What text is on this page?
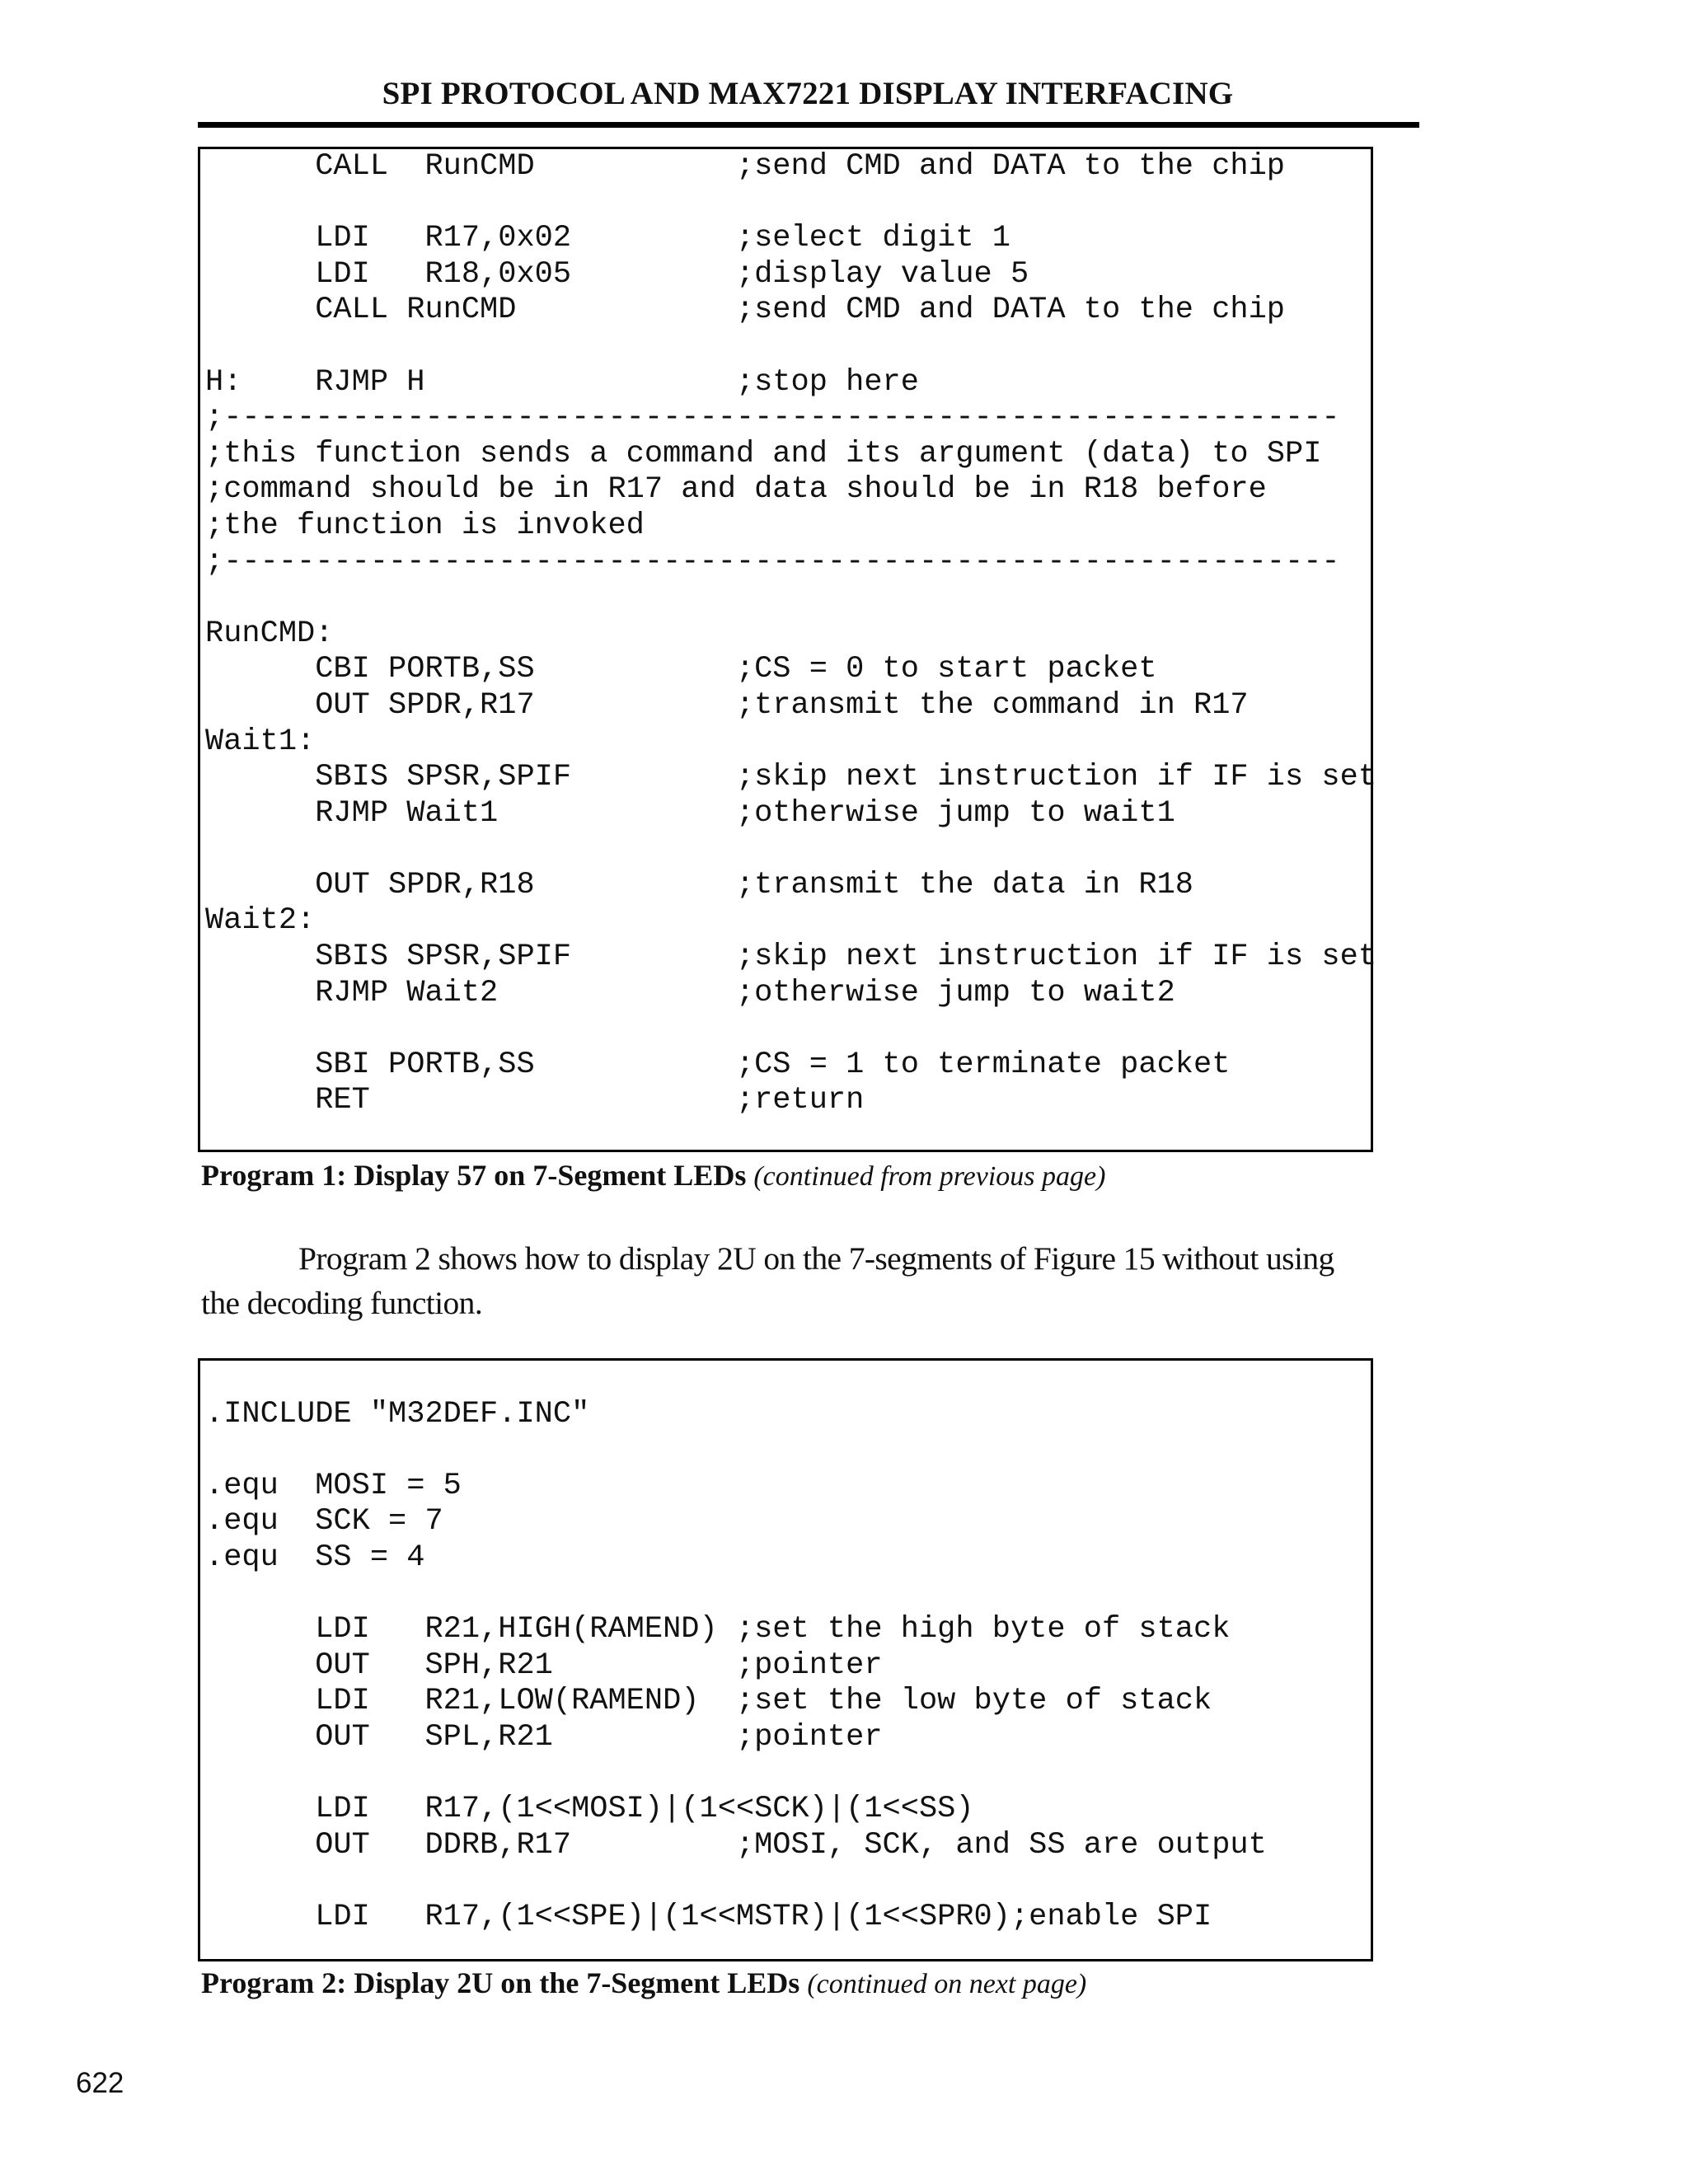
SPI PROTOCOL AND MAX7221 DISPLAY INTERFACING
CALL  RunCMD           ;send CMD and DATA to the chip

LDI   R17,0x02         ;select digit 1
LDI   R18,0x05         ;display value 5
CALL RunCMD            ;send CMD and DATA to the chip

H:    RJMP H                 ;stop here
;-------------------------------------------------------------
;this function sends a command and its argument (data) to SPI
;command should be in R17 and data should be in R18 before
;the function is invoked
;-------------------------------------------------------------

RunCMD:
CBI PORTB,SS           ;CS = 0 to start packet
OUT SPDR,R17           ;transmit the command in R17
Wait1:
SBIS SPSR,SPIF         ;skip next instruction if IF is set
RJMP Wait1             ;otherwise jump to wait1

OUT SPDR,R18           ;transmit the data in R18
Wait2:
SBIS SPSR,SPIF         ;skip next instruction if IF is set
RJMP Wait2             ;otherwise jump to wait2

SBI PORTB,SS           ;CS = 1 to terminate packet
RET                    ;return
Program 1: Display 57 on 7-Segment LEDs (continued from previous page)
Program 2 shows how to display 2U on the 7-segments of Figure 15 without using the decoding function.

.INCLUDE "M32DEF.INC"

.equ  MOSI = 5
.equ  SCK = 7
.equ  SS = 4

LDI   R21,HIGH(RAMEND) ;set the high byte of stack
OUT   SPH,R21          ;pointer
LDI   R21,LOW(RAMEND)  ;set the low byte of stack
OUT   SPL,R21          ;pointer

LDI   R17,(1<<MOSI)|(1<<SCK)|(1<<SS)
OUT   DDRB,R17         ;MOSI, SCK, and SS are output

LDI   R17,(1<<SPE)|(1<<MSTR)|(1<<SPR0);enable SPI
Program 2: Display 2U on the 7-Segment LEDs (continued on next page)
622
